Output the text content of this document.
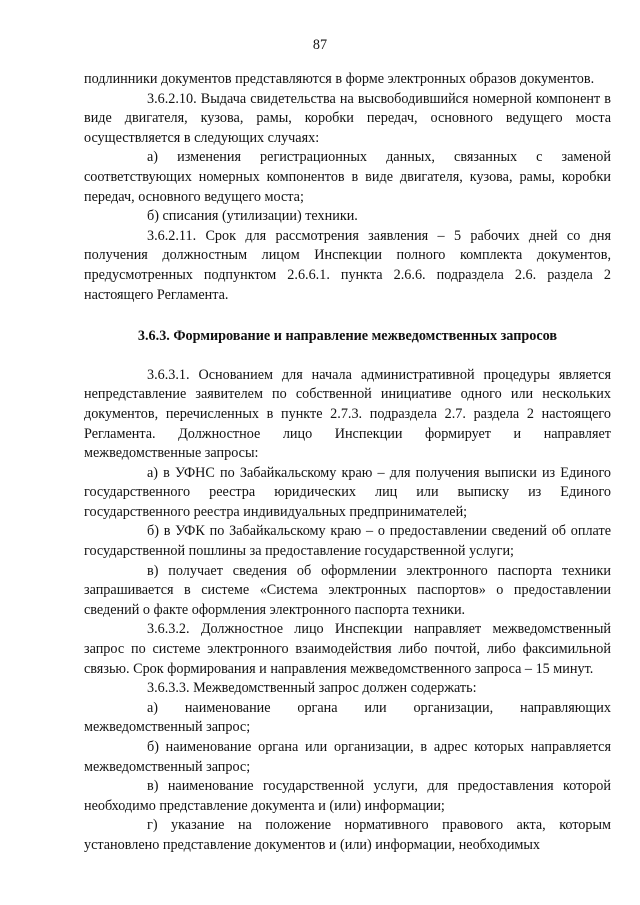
87

подлинники документов представляются в форме электронных образов документов.

3.6.2.10. Выдача свидетельства на высвободившийся номерной компонент в виде двигателя, кузова, рамы, коробки передач, основного ведущего моста осуществляется в следующих случаях:

а) изменения регистрационных данных, связанных с заменой соответствующих номерных компонентов в виде двигателя, кузова, рамы, коробки передач, основного ведущего моста;

б) списания (утилизации) техники.

3.6.2.11. Срок для рассмотрения заявления – 5 рабочих дней со дня получения должностным лицом Инспекции полного комплекта документов, предусмотренных подпунктом 2.6.6.1. пункта 2.6.6. подраздела 2.6. раздела 2 настоящего Регламента.

3.6.3. Формирование и направление межведомственных запросов

3.6.3.1. Основанием для начала административной процедуры является непредставление заявителем по собственной инициативе одного или нескольких документов, перечисленных в пункте 2.7.3. подраздела 2.7. раздела 2 настоящего Регламента. Должностное лицо Инспекции формирует и направляет межведомственные запросы:

а) в УФНС по Забайкальскому краю – для получения выписки из Единого государственного реестра юридических лиц или выписку из Единого государственного реестра индивидуальных предпринимателей;

б) в УФК по Забайкальскому краю – о предоставлении сведений об оплате государственной пошлины за предоставление государственной услуги;

в) получает сведения об оформлении электронного паспорта техники запрашивается в системе «Система электронных паспортов» о предоставлении сведений о факте оформления электронного паспорта техники.

3.6.3.2. Должностное лицо Инспекции направляет межведомственный запрос по системе электронного взаимодействия либо почтой, либо факсимильной связью. Срок формирования и направления межведомственного запроса – 15 минут.

3.6.3.3. Межведомственный запрос должен содержать:

а) наименование органа или организации, направляющих межведомственный запрос;

б) наименование органа или организации, в адрес которых направляется межведомственный запрос;

в) наименование государственной услуги, для предоставления которой необходимо представление документа и (или) информации;

г) указание на положение нормативного правового акта, которым установлено представление документов и (или) информации, необходимых
